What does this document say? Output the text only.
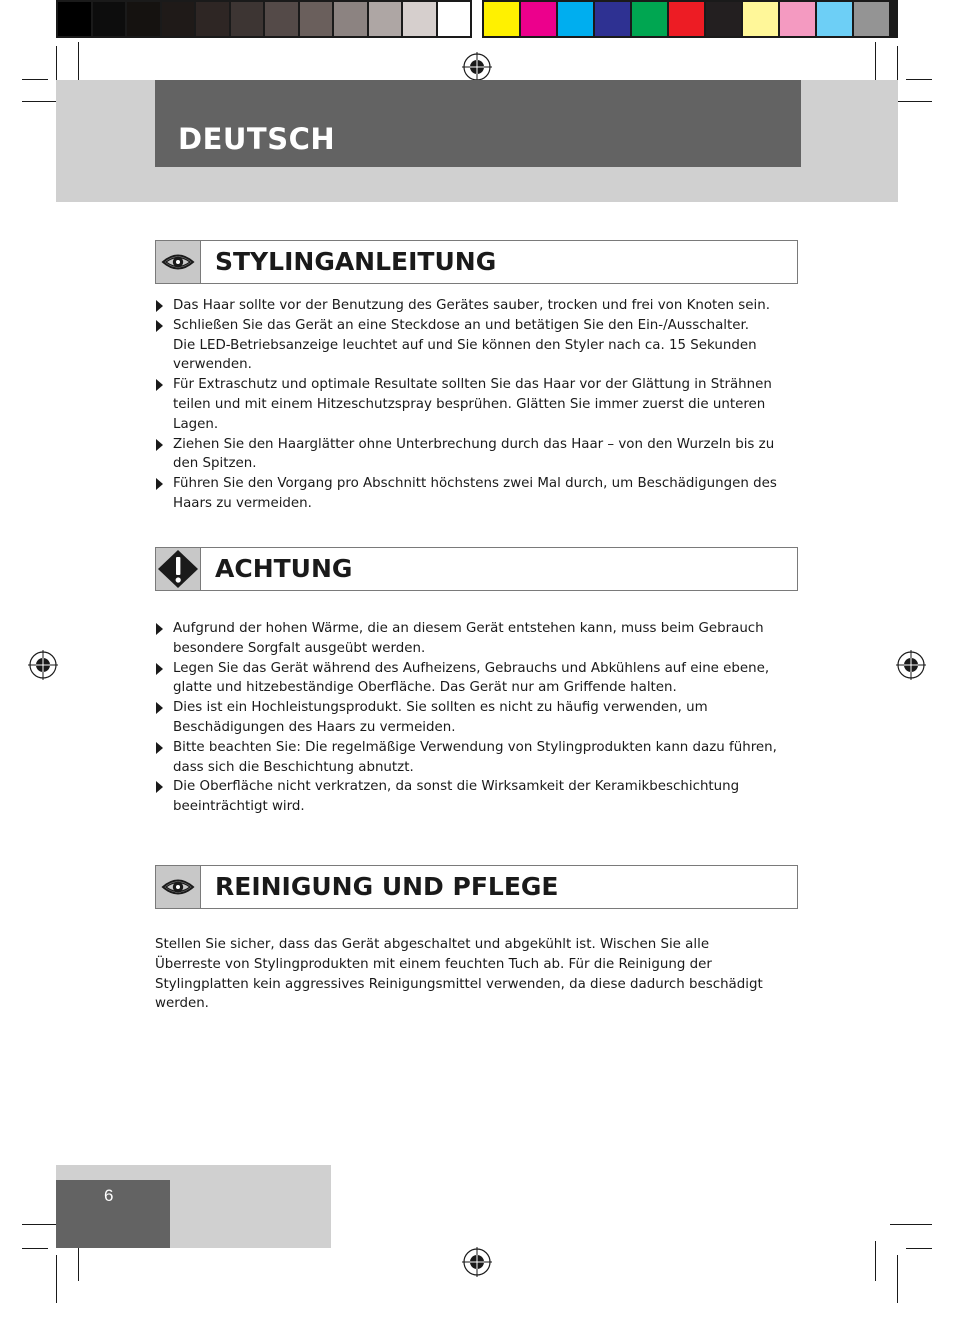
DEUTSCH
STYLINGANLEITUNG
Das Haar sollte vor der Benutzung des Gerätes sauber, trocken und frei von Knoten sein.
Schließen Sie das Gerät an eine Steckdose an und betätigen Sie den Ein-/Ausschalter.
Die LED-Betriebsanzeige leuchtet auf und Sie können den Styler nach ca. 15 Sekunden verwenden.
Für Extraschutz und optimale Resultate sollten Sie das Haar vor der Glättung in Strähnen teilen und mit einem Hitzeschutzspray besprühen. Glätten Sie immer zuerst die unteren Lagen.
Ziehen Sie den Haarglätter ohne Unterbrechung durch das Haar – von den Wurzeln bis zu den Spitzen.
Führen Sie den Vorgang pro Abschnitt höchstens zwei Mal durch, um Beschädigungen des Haars zu vermeiden.
ACHTUNG
Aufgrund der hohen Wärme, die an diesem Gerät entstehen kann, muss beim Gebrauch besondere Sorgfalt ausgeübt werden.
Legen Sie das Gerät während des Aufheizens, Gebrauchs und Abkühlens auf eine ebene, glatte und hitzebeständige Oberfläche. Das Gerät nur am Griffende halten.
Dies ist ein Hochleistungsprodukt. Sie sollten es nicht zu häufig verwenden, um Beschädigungen des Haars zu vermeiden.
Bitte beachten Sie: Die regelmäßige Verwendung von Stylingprodukten kann dazu führen, dass sich die Beschichtung abnutzt.
Die Oberfläche nicht verkratzen, da sonst die Wirksamkeit der Keramikbeschichtung beeinträchtigt wird.
REINIGUNG UND PFLEGE

Stellen Sie sicher, dass das Gerät abgeschaltet und abgekühlt ist. Wischen Sie alle Überreste von Stylingprodukten mit einem feuchten Tuch ab. Für die Reinigung der Stylingplatten kein aggressives Reinigungsmittel verwenden, da diese dadurch beschädigt werden.

6
